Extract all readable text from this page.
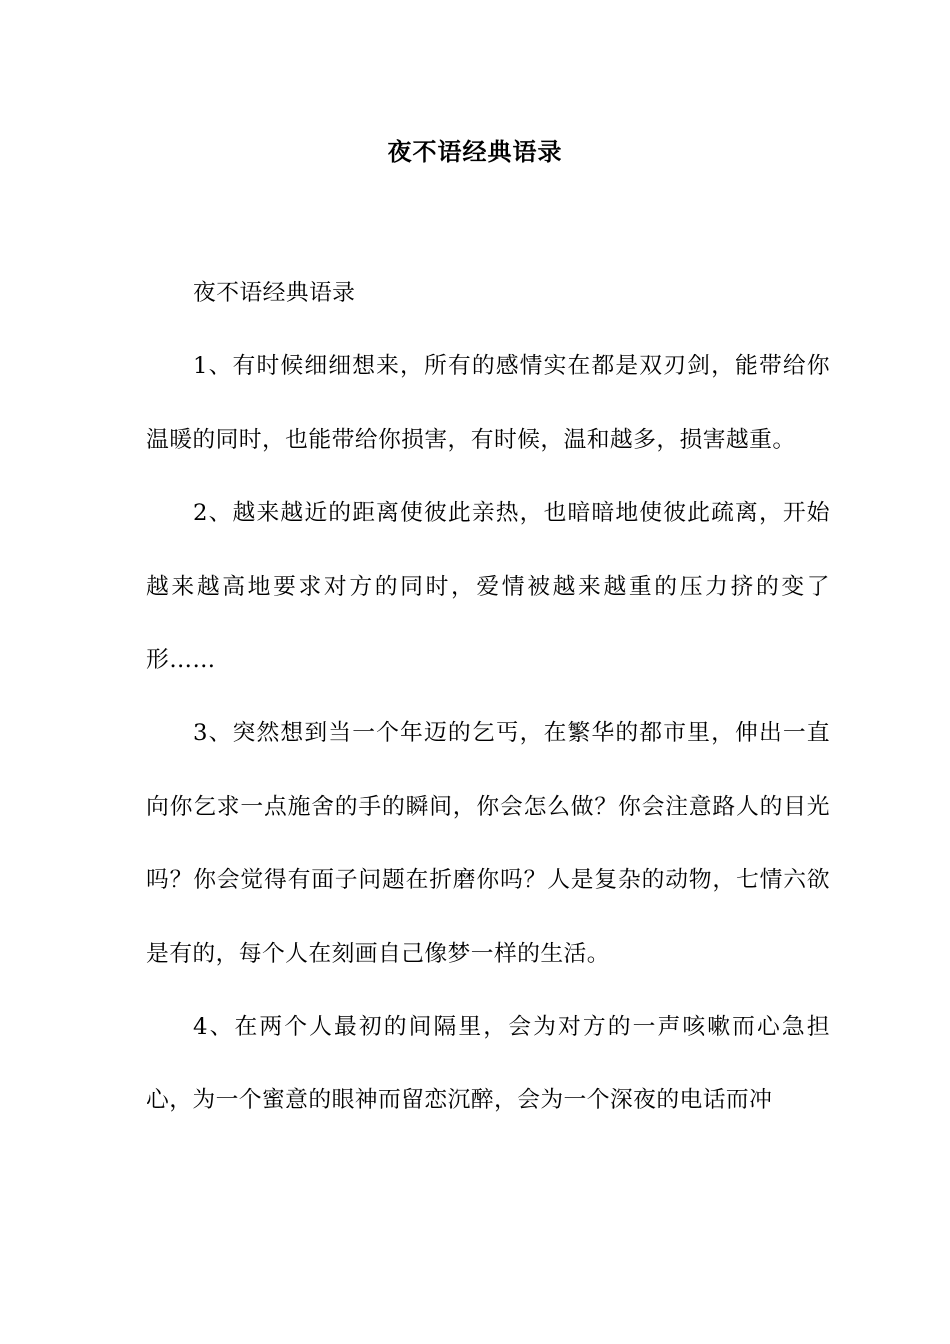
夜不语经典语录

夜不语经典语录

1、有时候细细想来，所有的感情实在都是双刃剑，能带给你温暖的同时，也能带给你损害，有时候，温和越多，损害越重。

2、越来越近的距离使彼此亲热，也暗暗地使彼此疏离，开始越来越高地要求对方的同时，爱情被越来越重的压力挤的变了形……

3、突然想到当一个年迈的乞丐，在繁华的都市里，伸出一直向你乞求一点施舍的手的瞬间，你会怎么做？你会注意路人的目光吗？你会觉得有面子问题在折磨你吗？人是复杂的动物，七情六欲是有的，每个人在刻画自己像梦一样的生活。

4、在两个人最初的间隔里，会为对方的一声咳嗽而心急担心，为一个蜜意的眼神而留恋沉醉，会为一个深夜的电话而冲
